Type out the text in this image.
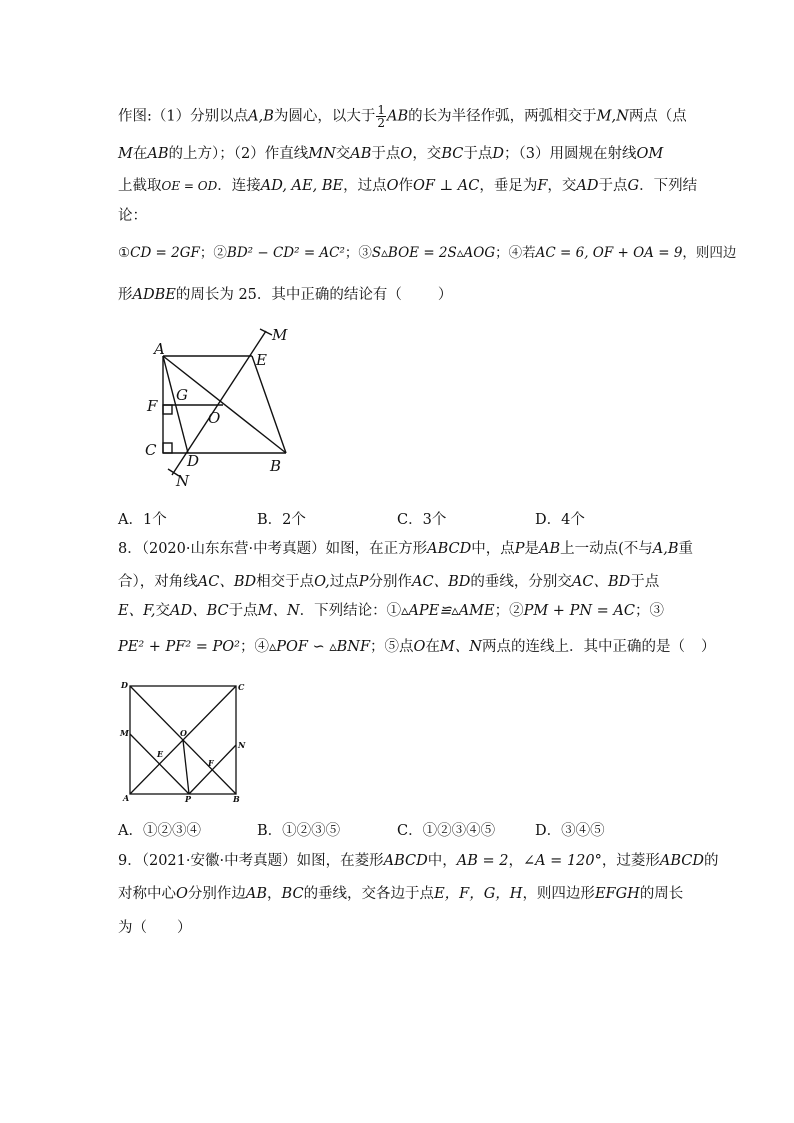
作图:（1）分别以点A,B为圆心，以大于 $\frac{1}{2}$ AB的长为半径作弧，两弧相交于M,N两点（点
M在AB的上方）；（2）作直线MN交AB于点O，交BC于点D；（3）用圆规在射线OM
上截取OE = OD．连接AD, AE, BE，过点O作OF ⊥ AC，垂足为F，交AD于点G．下列结
论：
①CD = 2GF；②BD² − CD² = AC²；③S▵BOE = 2S▵AOG；④若AC = 6, OF + OA = 9，则四边
形ADBE的周长为 25．其中正确的结论有（ ）
A
E
M
G
F
O
C
D	B
N
A．1个	B．2个	C．3个	D．4个
8．（2020·山东东营·中考真题）如图，在正方形ABCD中，点P是AB上一动点(不与A,B重
合），对角线AC、BD相交于点O,过点P分别作AC、BD的垂线，分别交AC、BD于点
E、F,交AD、BC于点M、N．下列结论：①▵APE≌▵AME；②PM + PN = AC；③
PE² + PF² = PO²；④▵POF ∽ ▵BNF；⑤点O在M、N两点的连线上．其中正确的是（ ）
D	C
M	O
N
E
F
A	P	B
A．①②③④	B．①②③⑤	C．①②③④⑤	D．③④⑤
9．（2021·安徽·中考真题）如图，在菱形ABCD中，AB = 2，∠A = 120°，过菱形ABCD的
对称中心O分别作边AB，BC的垂线，交各边于点E，F，G，H，则四边形EFGH的周长
为（ ）
